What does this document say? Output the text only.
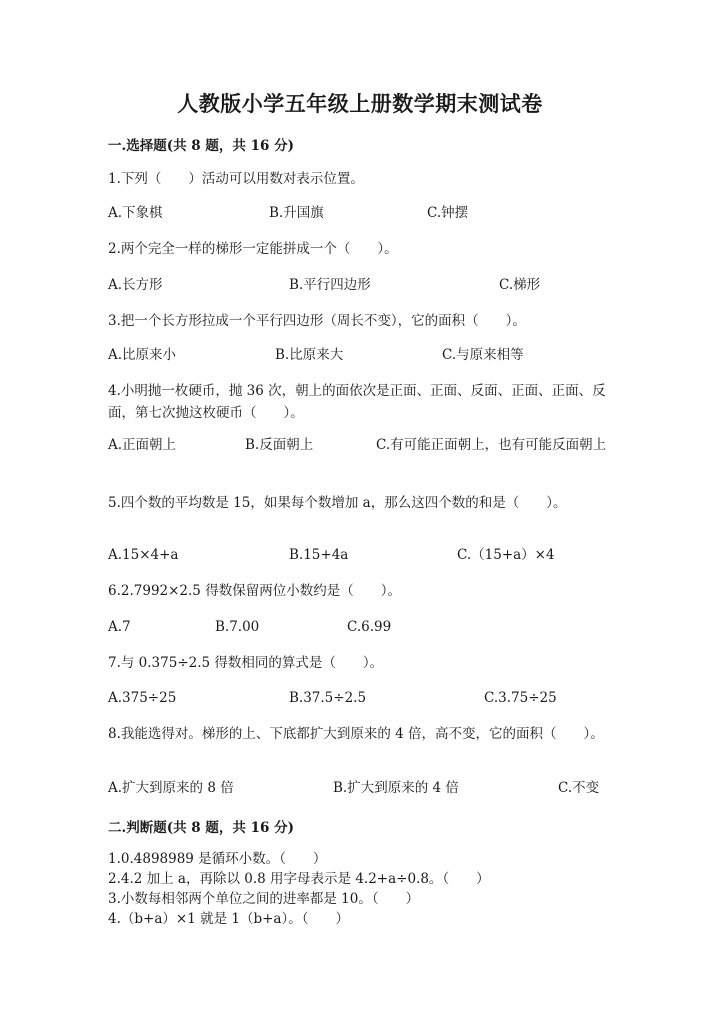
人教版小学五年级上册数学期末测试卷
一.选择题(共 8 题，共 16 分)
1.下列（　　）活动可以用数对表示位置。
A.下象棋	B.升国旗	C.钟摆
2.两个完全一样的梯形一定能拼成一个（　　）。
A.长方形	B.平行四边形	C.梯形
3.把一个长方形拉成一个平行四边形（周长不变），它的面积（　　）。
A.比原来小	B.比原来大	C.与原来相等
4.小明抛一枚硬币，抛 36 次，朝上的面依次是正面、正面、反面、正面、正面、反面，第七次抛这枚硬币（　　）。
A.正面朝上	B.反面朝上	C.有可能正面朝上，也有可能反面朝上
5.四个数的平均数是 15，如果每个数增加 a，那么这四个数的和是（　　）。
A.15×4+a	B.15+4a	C.（15+a）×4
6.2.7992×2.5 得数保留两位小数约是（　　）。
A.7	B.7.00	C.6.99
7.与 0.375÷2.5 得数相同的算式是（　　）。
A.375÷25	B.37.5÷2.5	C.3.75÷25
8.我能选得对。梯形的上、下底都扩大到原来的 4 倍，高不变，它的面积（　　）。
A.扩大到原来的 8 倍	B.扩大到原来的 4 倍	C.不变
二.判断题(共 8 题，共 16 分)
1.0.4898989 是循环小数。（　　）
2.4.2 加上 a，再除以 0.8 用字母表示是 4.2+a÷0.8。（　　）
3.小数每相邻两个单位之间的进率都是 10。（　　）
4.（b+a）×1 就是 1（b+a）。（　　）
